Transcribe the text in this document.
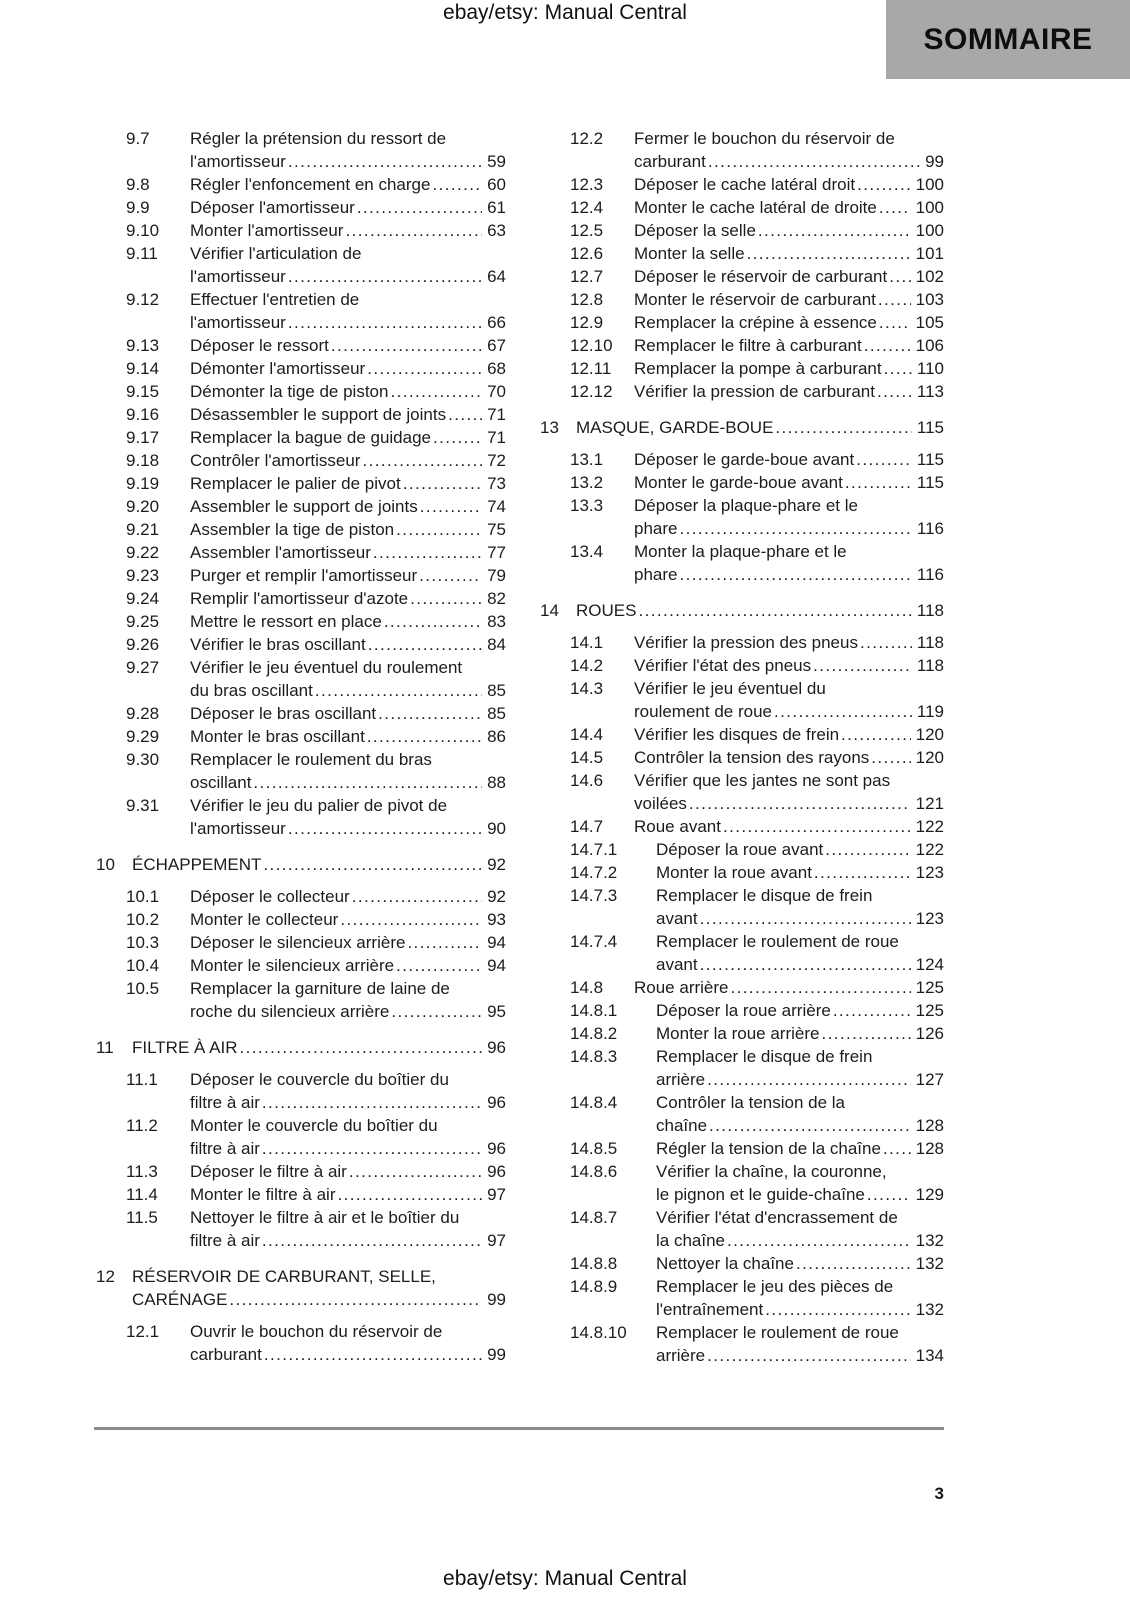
ebay/etsy: Manual Central
SOMMAIRE
9.7	Régler la prétension du ressort de
l'amortisseur .....	59
9.8	Régler l'enfoncement en charge .....	60
9.9	Déposer l'amortisseur .....	61
9.10	Monter l'amortisseur .....	63
9.11	Vérifier l'articulation de
l'amortisseur .....	64
9.12	Effectuer l'entretien de
l'amortisseur .....	66
9.13	Déposer le ressort .....	67
9.14	Démonter l'amortisseur .....	68
9.15	Démonter la tige de piston .....	70
9.16	Désassembler le support de joints ..... 71
9.17	Remplacer la bague de guidage .....	71
9.18	Contrôler l'amortisseur .....	72
9.19	Remplacer le palier de pivot .....	73
9.20	Assembler le support de joints .....	74
9.21	Assembler la tige de piston .....	75
9.22	Assembler l'amortisseur .....	77
9.23	Purger et remplir l'amortisseur .....	79
9.24	Remplir l'amortisseur d'azote .....	82
9.25	Mettre le ressort en place .....	83
9.26	Vérifier le bras oscillant .....	84
9.27	Vérifier le jeu éventuel du roulement
du bras oscillant .....	85
9.28	Déposer le bras oscillant .....	85
9.29	Monter le bras oscillant .....	86
9.30	Remplacer le roulement du bras
oscillant .....	88
9.31	Vérifier le jeu du palier de pivot de
l'amortisseur .....	90
10	ÉCHAPPEMENT .....	92
10.1	Déposer le collecteur .....	92
10.2	Monter le collecteur .....	93
10.3	Déposer le silencieux arrière .....	94
10.4	Monter le silencieux arrière .....	94
10.5	Remplacer la garniture de laine de
roche du silencieux arrière .....	95
11	FILTRE À AIR .....	96
11.1	Déposer le couvercle du boîtier du
filtre à air .....	96
11.2	Monter le couvercle du boîtier du
filtre à air .....	96
11.3	Déposer le filtre à air .....	96
11.4	Monter le filtre à air .....	97
11.5	Nettoyer le filtre à air et le boîtier du
filtre à air .....	97
12	RÉSERVOIR DE CARBURANT, SELLE,
CARÉNAGE .....	99
12.1	Ouvrir le bouchon du réservoir de
carburant .....	99
12.2	Fermer le bouchon du réservoir de
carburant .....	99
12.3	Déposer le cache latéral droit .....	100
12.4	Monter le cache latéral de droite ..... 100
12.5	Déposer la selle .....	100
12.6	Monter la selle .....	101
12.7	Déposer le réservoir de carburant ..... 102
12.8	Monter le réservoir de carburant ..... 103
12.9	Remplacer la crépine à essence ..... 105
12.10	Remplacer le filtre à carburant .....	106
12.11	Remplacer la pompe à carburant ..... 110
12.12	Vérifier la pression de carburant ..... 113
13	MASQUE, GARDE-BOUE .....	115
13.1	Déposer le garde-boue avant .....	115
13.2	Monter le garde-boue avant .....	115
13.3	Déposer la plaque-phare et le
phare .....	116
13.4	Monter la plaque-phare et le
phare .....	116
14	ROUES .....	118
14.1	Vérifier la pression des pneus .....	118
14.2	Vérifier l'état des pneus .....	118
14.3	Vérifier le jeu éventuel du
roulement de roue .....	119
14.4	Vérifier les disques de frein .....	120
14.5	Contrôler la tension des rayons .....	120
14.6	Vérifier que les jantes ne sont pas
voilées .....	121
14.7	Roue avant .....	122
14.7.1	Déposer la roue avant .....	122
14.7.2	Monter la roue avant .....	123
14.7.3	Remplacer le disque de frein
avant .....	123
14.7.4	Remplacer le roulement de roue
avant .....	124
14.8	Roue arrière .....	125
14.8.1	Déposer la roue arrière .....	125
14.8.2	Monter la roue arrière .....	126
14.8.3	Remplacer le disque de frein
arrière .....	127
14.8.4	Contrôler la tension de la
chaîne .....	128
14.8.5	Régler la tension de la chaîne ..... 128
14.8.6	Vérifier la chaîne, la couronne,
le pignon et le guide-chaîne .....	129
14.8.7	Vérifier l'état d'encrassement de
la chaîne .....	132
14.8.8	Nettoyer la chaîne .....	132
14.8.9	Remplacer le jeu des pièces de
l'entraînement .....	132
14.8.10	Remplacer le roulement de roue
arrière .....	134
3
ebay/etsy: Manual Central
